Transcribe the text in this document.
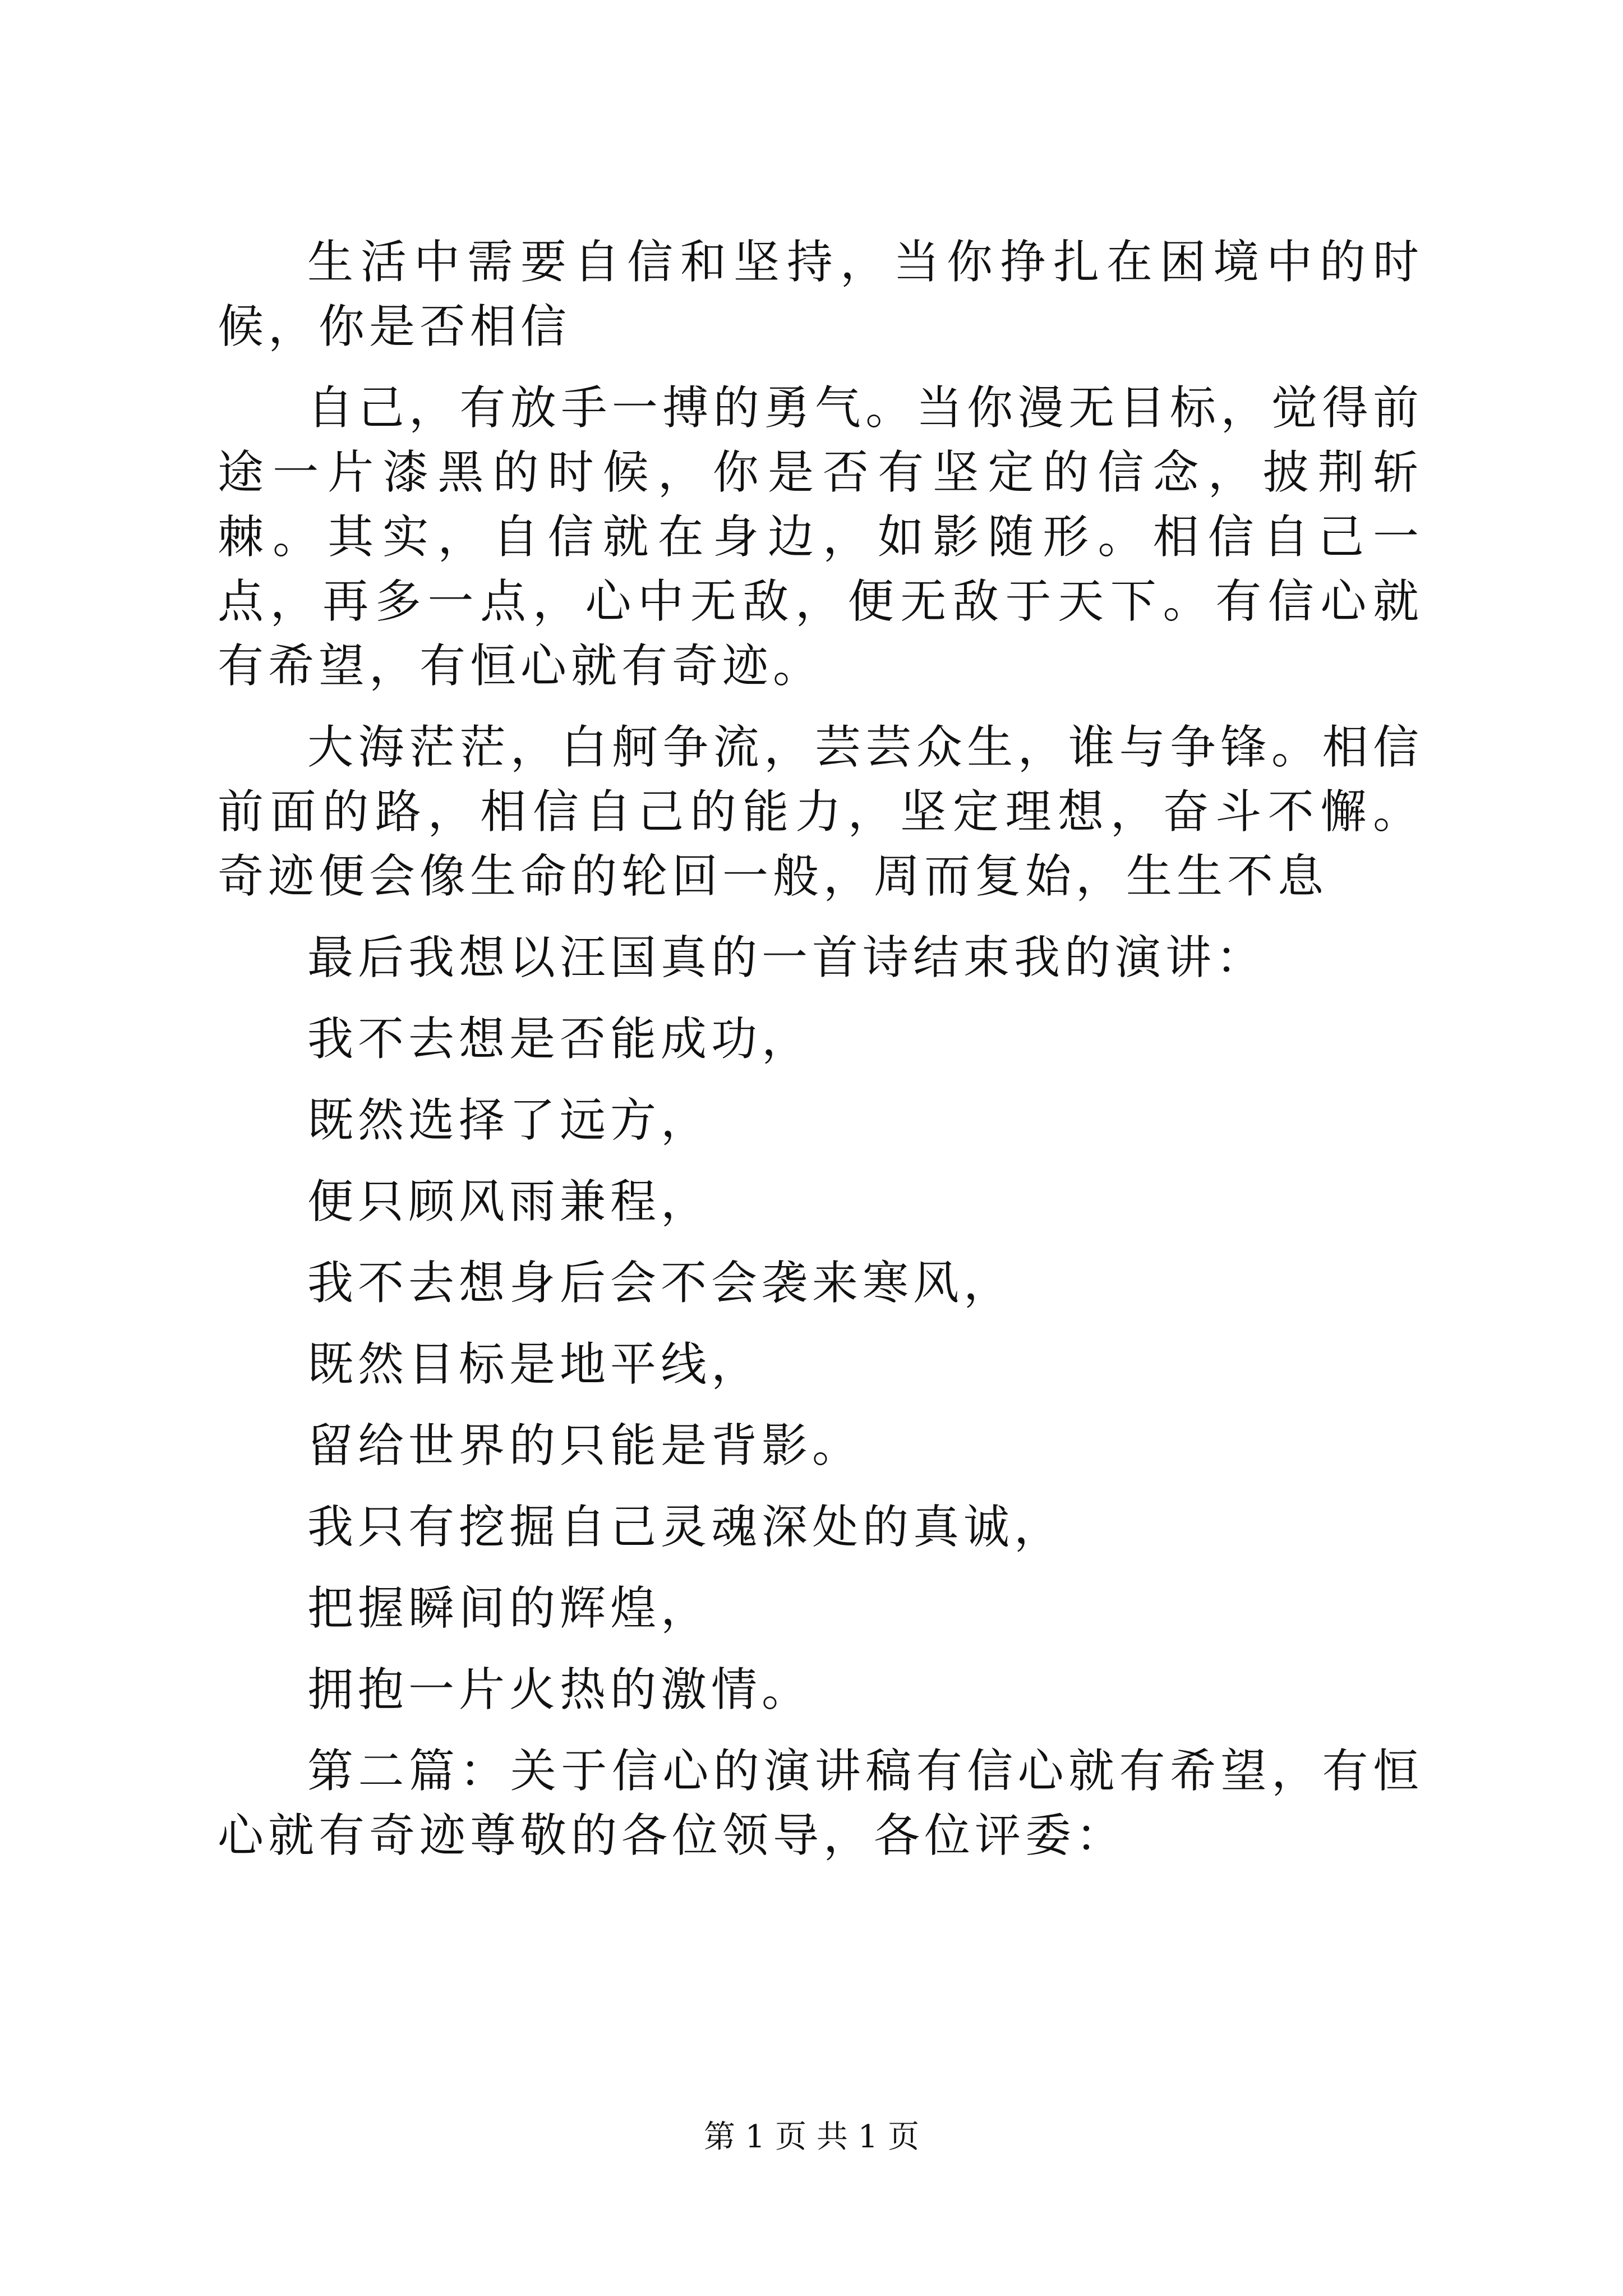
生活中需要自信和坚持，当你挣扎在困境中的时候，你是否相信

自己，有放手一搏的勇气。当你漫无目标，觉得前途一片漆黑的时候，你是否有坚定的信念，披荆斩棘。其实，自信就在身边，如影随形。相信自己一点，再多一点，心中无敌，便无敌于天下。有信心就有希望，有恒心就有奇迹。

大海茫茫，白舸争流，芸芸众生，谁与争锋。相信前面的路，相信自己的能力，坚定理想，奋斗不懈。奇迹便会像生命的轮回一般，周而复始，生生不息

最后我想以汪国真的一首诗结束我的演讲：

我不去想是否能成功，

既然选择了远方，

便只顾风雨兼程，

我不去想身后会不会袭来寒风，

既然目标是地平线，

留给世界的只能是背影。

我只有挖掘自己灵魂深处的真诚，

把握瞬间的辉煌，

拥抱一片火热的激情。

第二篇：关于信心的演讲稿有信心就有希望，有恒心就有奇迹尊敬的各位领导，各位评委：

第 1 页 共 1 页
